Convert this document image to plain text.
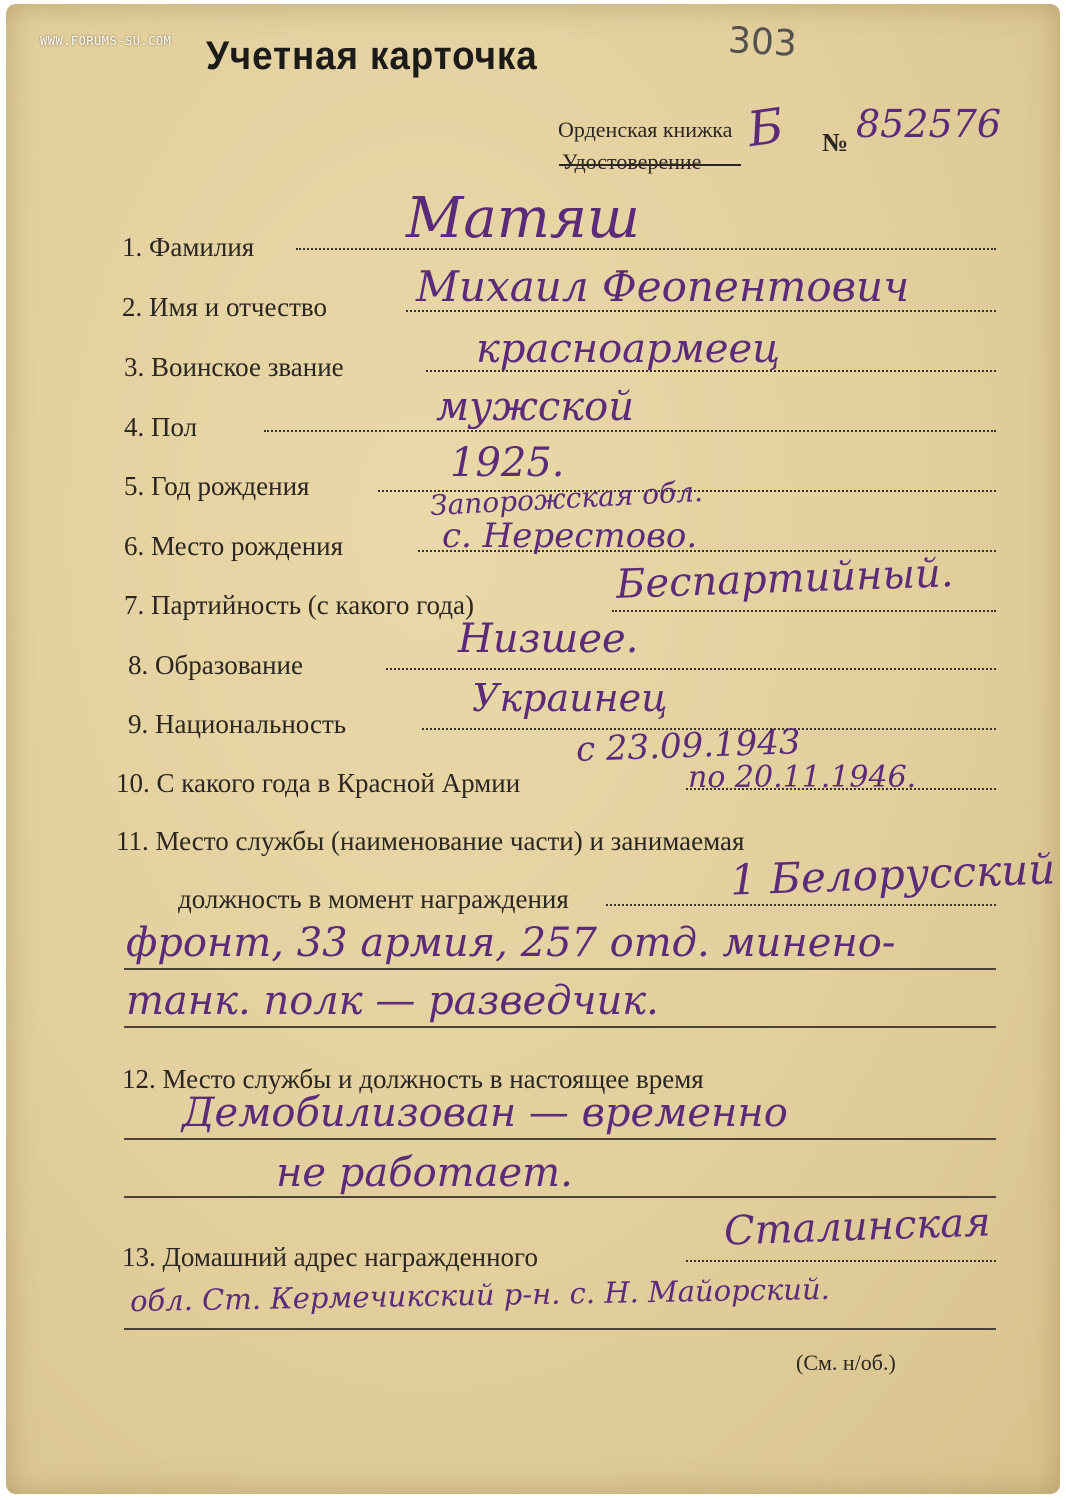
WWW.FORUMS-SU.COM	303
Учетная карточка
Орденская книжка
Удостоверение
Б № 852576
1. Фамилия	Матяш
2. Имя и отчество Михаил Феопентович
3. Воинское звание	красноармеец
4. Пол	мужской
5. Год рождения	1925.
6. Место рождения
Запорожская обл.
с. Нерестово.
7. Партийность (с какого года)	Беспартийный.
8. Образование
Низшее.
9. Национальность
Украинец
10. С какого года в Красной Армии
с 23.09.1943
по 20.11.1946.
11. Место службы (наименование части) и занимаемая
должность в момент награждения	1 Белорусский
фронт, 33 армия, 257 отд. минено-
танк. полк — разведчик.
12. Место службы и должность в настоящее время
Демобилизован — временно
не работает.
13. Домашний адрес награжденного
Сталинская
обл. Ст. Кермечикский р-н. с. Н. Майорский.
(См. н/об.)
